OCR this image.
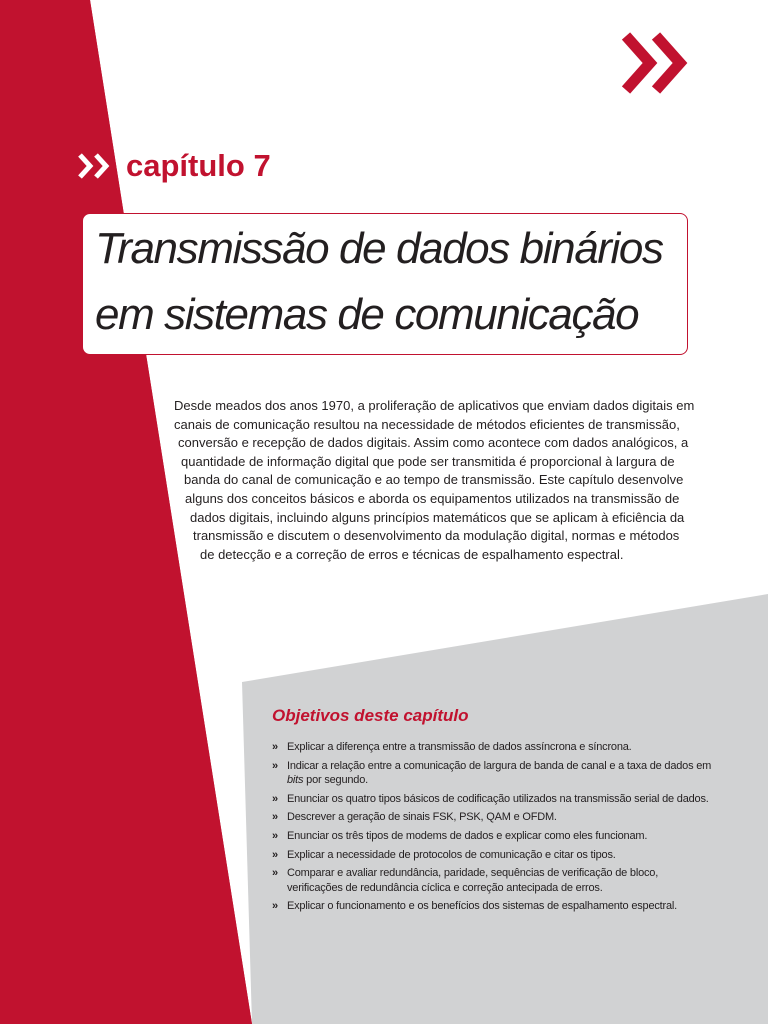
capítulo 7
Transmissão de dados binários
em sistemas de comunicação
Desde meados dos anos 1970, a proliferação de aplicativos que enviam dados digitais em
canais de comunicação resultou na necessidade de métodos eficientes de transmissão,
conversão e recepção de dados digitais. Assim como acontece com dados analógicos, a
quantidade de informação digital que pode ser transmitida é proporcional à largura de
banda do canal de comunicação e ao tempo de transmissão. Este capítulo desenvolve
alguns dos conceitos básicos e aborda os equipamentos utilizados na transmissão de
dados digitais, incluindo alguns princípios matemáticos que se aplicam à eficiência da
transmissão e discutem o desenvolvimento da modulação digital, normas e métodos
de detecção e a correção de erros e técnicas de espalhamento espectral.
Objetivos deste capítulo
» Explicar a diferença entre a transmissão de dados assíncrona e síncrona.
» Indicar a relação entre a comunicação de largura de banda de canal e a taxa de dados em bits por segundo.
» Enunciar os quatro tipos básicos de codificação utilizados na transmissão serial de dados.
» Descrever a geração de sinais FSK, PSK, QAM e OFDM.
» Enunciar os três tipos de modems de dados e explicar como eles funcionam.
» Explicar a necessidade de protocolos de comunicação e citar os tipos.
» Comparar e avaliar redundância, paridade, sequências de verificação de bloco, verificações de redundância cíclica e correção antecipada de erros.
» Explicar o funcionamento e os benefícios dos sistemas de espalhamento espectral.
